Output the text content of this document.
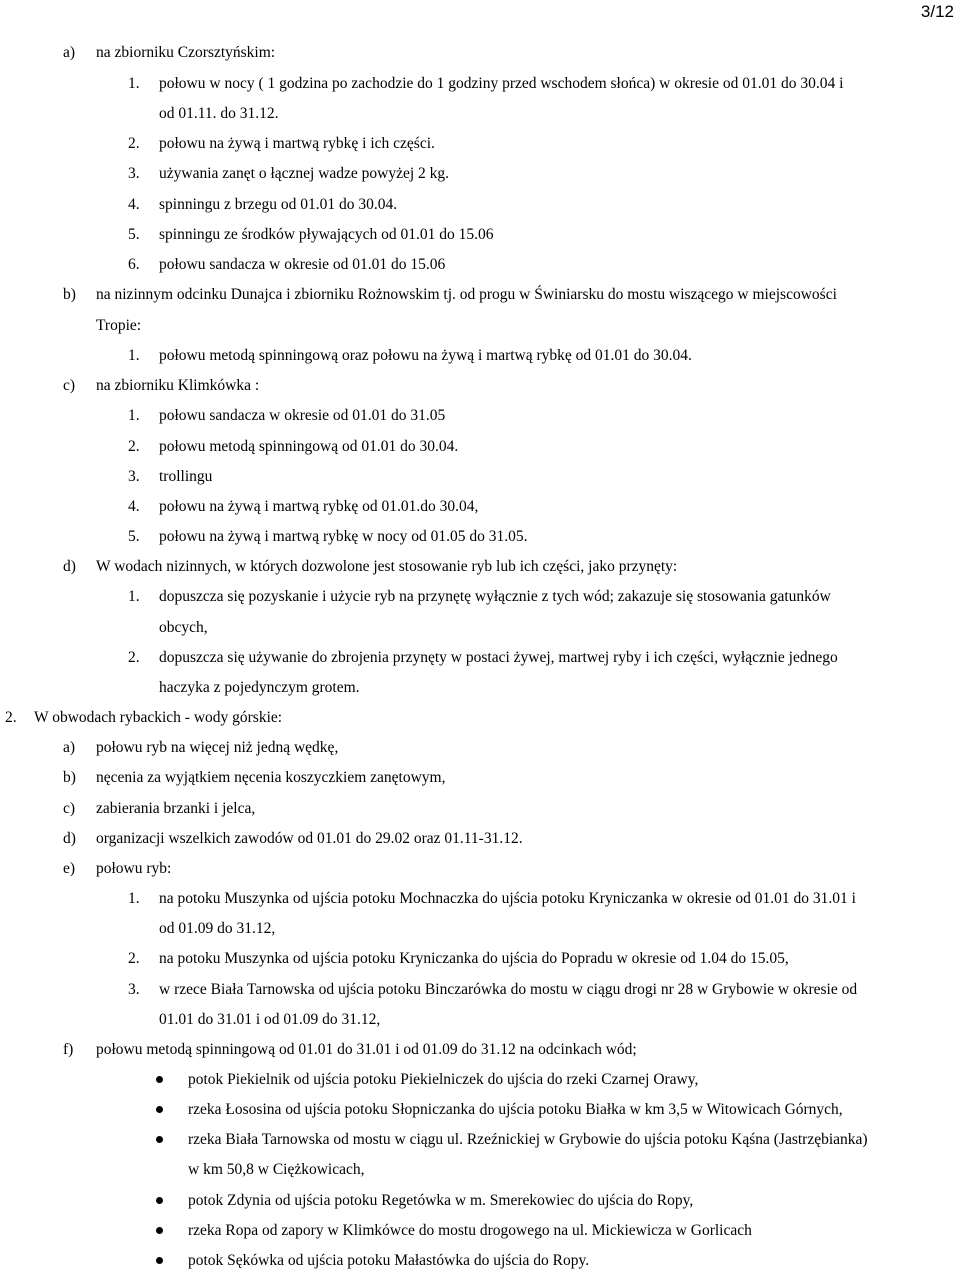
3/12
a) na zbiorniku Czorsztyńskim:
1. połowu w nocy ( 1 godzina po zachodzie do 1 godziny przed wschodem słońca) w okresie od 01.01 do 30.04 i
od 01.11. do 31.12.
2. połowu na żywą i martwą rybkę i ich części.
3. używania zanęt o łącznej wadze powyżej 2 kg.
4. spinningu z brzegu od 01.01 do 30.04.
5. spinningu ze środków pływających od 01.01 do 15.06
6. połowu sandacza w okresie od 01.01 do 15.06
b) na nizinnym odcinku Dunajca i zbiorniku Rożnowskim tj. od progu w Świniarsku do mostu wiszącego w miejscowości
Tropie:
1. połowu metodą spinningową oraz połowu na żywą i martwą rybkę od 01.01 do 30.04.
c) na zbiorniku Klimkówka :
1. połowu sandacza w okresie od 01.01 do 31.05
2. połowu metodą spinningową od 01.01 do 30.04.
3. trollingu
4. połowu na żywą i martwą rybkę od 01.01.do 30.04,
5. połowu na żywą i martwą rybkę w nocy od 01.05 do 31.05.
d) W wodach nizinnych, w których dozwolone jest stosowanie ryb lub ich części, jako przynęty:
1. dopuszcza się pozyskanie i użycie ryb na przynętę wyłącznie z tych wód; zakazuje się stosowania gatunków
obcych,
2. dopuszcza się używanie do zbrojenia przynęty w postaci żywej, martwej ryby i ich części, wyłącznie jednego
haczyka z pojedynczym grotem.
2. W obwodach rybackich - wody górskie:
a) połowu ryb na więcej niż jedną wędkę,
b) nęcenia za wyjątkiem nęcenia koszyczkiem zanętowym,
c) zabierania brzanki i jelca,
d) organizacji wszelkich zawodów od 01.01 do 29.02 oraz 01.11-31.12.
e) połowu ryb:
1. na potoku Muszynka od ujścia potoku Mochnaczka do ujścia potoku Kryniczanka w okresie od 01.01 do 31.01 i
od 01.09 do 31.12,
2. na potoku Muszynka od ujścia potoku Kryniczanka do ujścia do Popradu w okresie od 1.04 do 15.05,
3. w rzece Biała Tarnowska od ujścia potoku Binczarówka do mostu w ciągu drogi nr 28 w Grybowie w okresie od
01.01 do 31.01 i od 01.09 do 31.12,
f) połowu metodą spinningową od 01.01 do 31.01 i od 01.09 do 31.12 na odcinkach wód;
potok Piekielnik od ujścia potoku Piekielniczek do ujścia do rzeki Czarnej Orawy,
rzeka Łososina od ujścia potoku Słopniczanka do ujścia potoku Białka w km 3,5 w Witowicach Górnych,
rzeka Biała Tarnowska od mostu w ciągu ul. Rzeźnickiej w Grybowie do ujścia potoku Kąśna (Jastrzębianka)
w km 50,8 w Ciężkowicach,
potok Zdynia od ujścia potoku Regetówka w m. Smerekowiec do ujścia do Ropy,
rzeka Ropa od zapory w Klimkówce do mostu drogowego na ul. Mickiewicza w Gorlicach
potok Sękówka od ujścia potoku Małastówka do ujścia do Ropy.
